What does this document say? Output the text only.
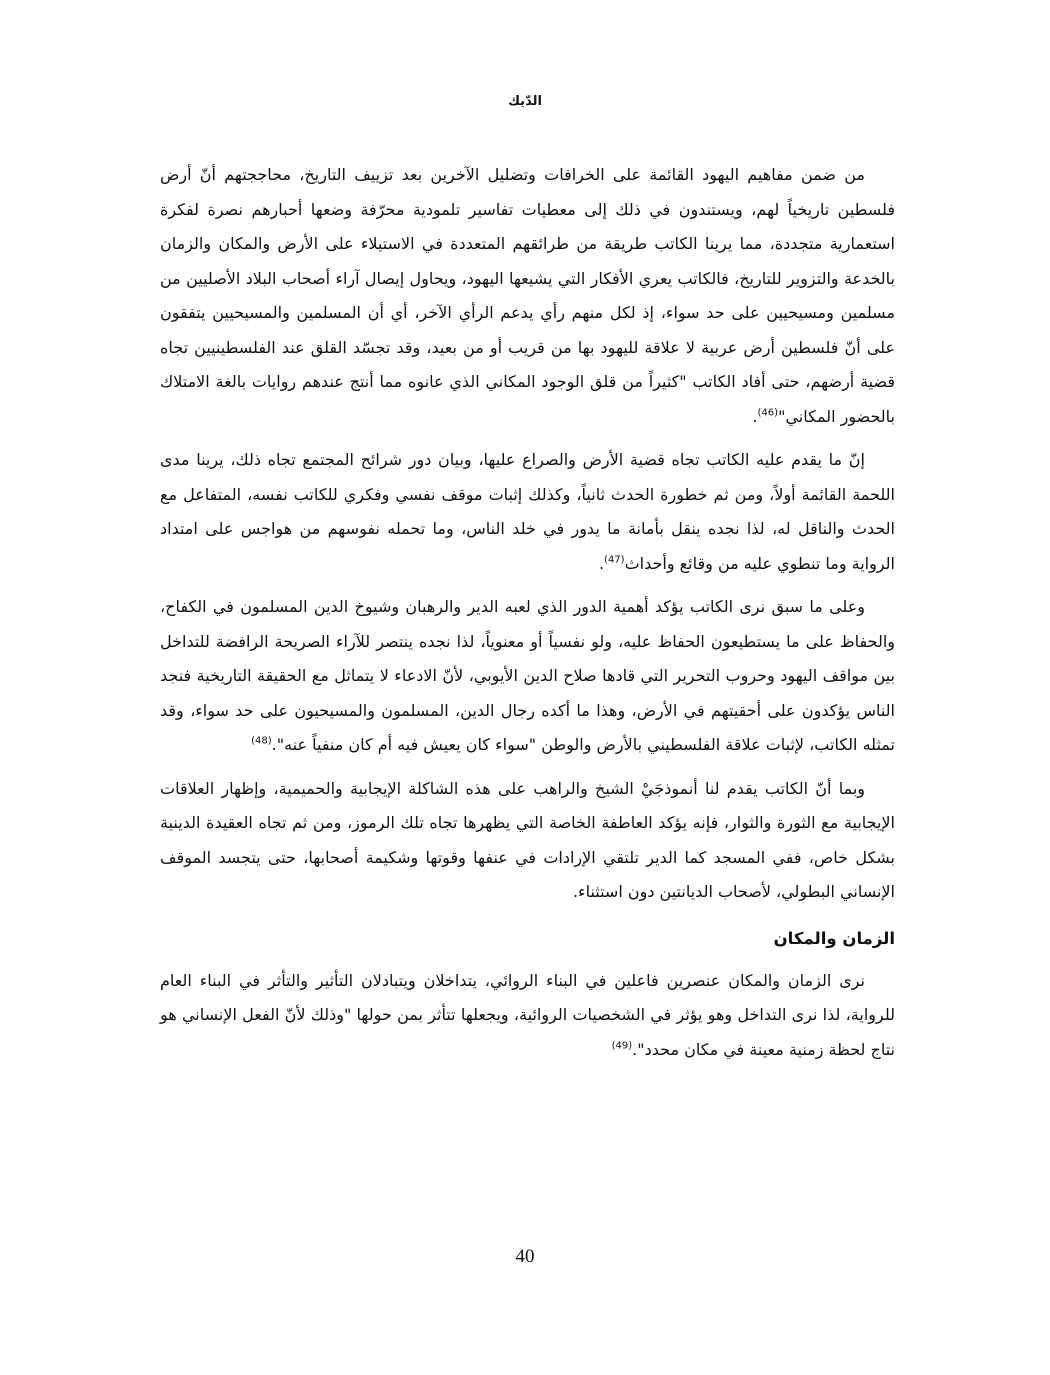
الدّيك

من ضمن مفاهيم اليهود القائمة على الخرافات وتضليل الآخرين بعد تزييف التاريخ، محاججتهم أنّ أرض فلسطين تاريخياً لهم، ويستندون في ذلك إلى معطيات تفاسير تلمودية محرّفة وضعها أحبارهم نصرة لفكرة استعمارية متجددة، مما يرينا الكاتب طريقة من طرائقهم المتعددة في الاستيلاء على الأرض والمكان والزمان بالخدعة والتزوير للتاريخ، فالكاتب يعري الأفكار التي يشيعها اليهود، ويحاول إيصال آراء أصحاب البلاد الأصليين من مسلمين ومسيحيين على حد سواء، إذ لكل منهم رأي يدعم الرأي الآخر، أي أن المسلمين والمسيحيين يتفقون على أنّ فلسطين أرض عربية لا علاقة لليهود بها من قريب أو من بعيد، وقد تجسّد القلق عند الفلسطينيين تجاه قضية أرضهم، حتى أفاد الكاتب "كثيراً من قلق الوجود المكاني الذي عانوه مما أنتج عندهم روايات بالغة الامتلاك بالحضور المكاني"$^{(46)}$.

إنّ ما يقدم عليه الكاتب تجاه قضية الأرض والصراع عليها، وبيان دور شرائح المجتمع تجاه ذلك، يرينا مدى اللحمة القائمة أولاً، ومن ثم خطورة الحدث ثانياً، وكذلك إثبات موقف نفسي وفكري للكاتب نفسه، المتفاعل مع الحدث والناقل له، لذا نجده ينقل بأمانة ما يدور في خلد الناس، وما تحمله نفوسهم من هواجس على امتداد الرواية وما تنطوي عليه من وقائع وأحداث$^{(47)}$.

وعلى ما سبق نرى الكاتب يؤكد أهمية الدور الذي لعبه الدير والرهبان وشيوخ الدين المسلمون في الكفاح، والحفاظ على ما يستطيعون الحفاظ عليه، ولو نفسياً أو معنوياً، لذا نجده ينتصر للآراء الصريحة الرافضة للتداخل بين مواقف اليهود وحروب التحرير التي قادها صلاح الدين الأيوبي، لأنّ الادعاء لا يتماثل مع الحقيقة التاريخية فنجد الناس يؤكدون على أحقيتهم في الأرض، وهذا ما أكده رجال الدين، المسلمون والمسيحيون على حد سواء، وقد تمثله الكاتب، لإثبات علاقة الفلسطيني بالأرض والوطن "سواء كان يعيش فيه أم كان منفياً عنه".$^{(48)}$

وبما أنّ الكاتب يقدم لنا أنموذجَيْ الشيخ والراهب على هذه الشاكلة الإيجابية والحميمية، وإظهار العلاقات الإيجابية مع الثورة والثوار، فإنه يؤكد العاطفة الخاصة التي يظهرها تجاه تلك الرموز، ومن ثم تجاه العقيدة الدينية بشكل خاص، ففي المسجد كما الدير تلتقي الإرادات في عنفها وقوتها وشكيمة أصحابها، حتى يتجسد الموقف الإنساني البطولي، لأصحاب الديانتين دون استثناء.

الزمان والمكان

نرى الزمان والمكان عنصرين فاعلين في البناء الروائي، يتداخلان ويتبادلان التأثير والتأثر في البناء العام للرواية، لذا نرى التداخل وهو يؤثر في الشخصيات الروائية، ويجعلها تتأثر بمن حولها "وذلك لأنّ الفعل الإنساني هو نتاج لحظة زمنية معينة في مكان محدد".$^{(49)}$

40
